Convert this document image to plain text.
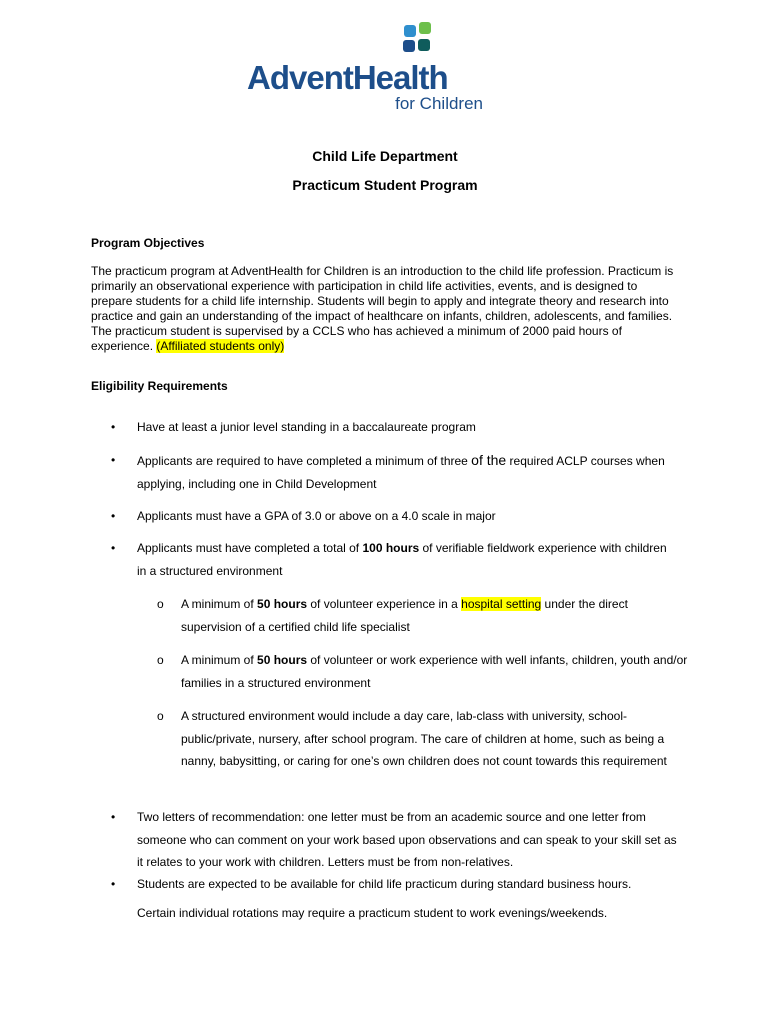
AdventHealth
for Children
Child Life Department
Practicum Student Program
Program Objectives
The practicum program at AdventHealth for Children is an introduction to the child life profession. Practicum is primarily an observational experience with participation in child life activities, events, and is designed to prepare students for a child life internship. Students will begin to apply and integrate theory and research into practice and gain an understanding of the impact of healthcare on infants, children, adolescents, and families. The practicum student is supervised by a CCLS who has achieved a minimum of 2000 paid hours of experience. (Affiliated students only)
Eligibility Requirements
• Have at least a junior level standing in a baccalaureate program
• Applicants are required to have completed a minimum of three of the required ACLP courses when applying, including one in Child Development
• Applicants must have a GPA of 3.0 or above on a 4.0 scale in major
• Applicants must have completed a total of 100 hours of verifiable fieldwork experience with children in a structured environment
o A minimum of 50 hours of volunteer experience in a hospital setting under the direct supervision of a certified child life specialist
o A minimum of 50 hours of volunteer or work experience with well infants, children, youth and/or families in a structured environment
o A structured environment would include a day care, lab-class with university, school-public/private, nursery, after school program. The care of children at home, such as being a nanny, babysitting, or caring for one’s own children does not count towards this requirement
• Two letters of recommendation: one letter must be from an academic source and one letter from someone who can comment on your work based upon observations and can speak to your skill set as it relates to your work with children. Letters must be from non-relatives.
• Students are expected to be available for child life practicum during standard business hours.
Certain individual rotations may require a practicum student to work evenings/weekends.
